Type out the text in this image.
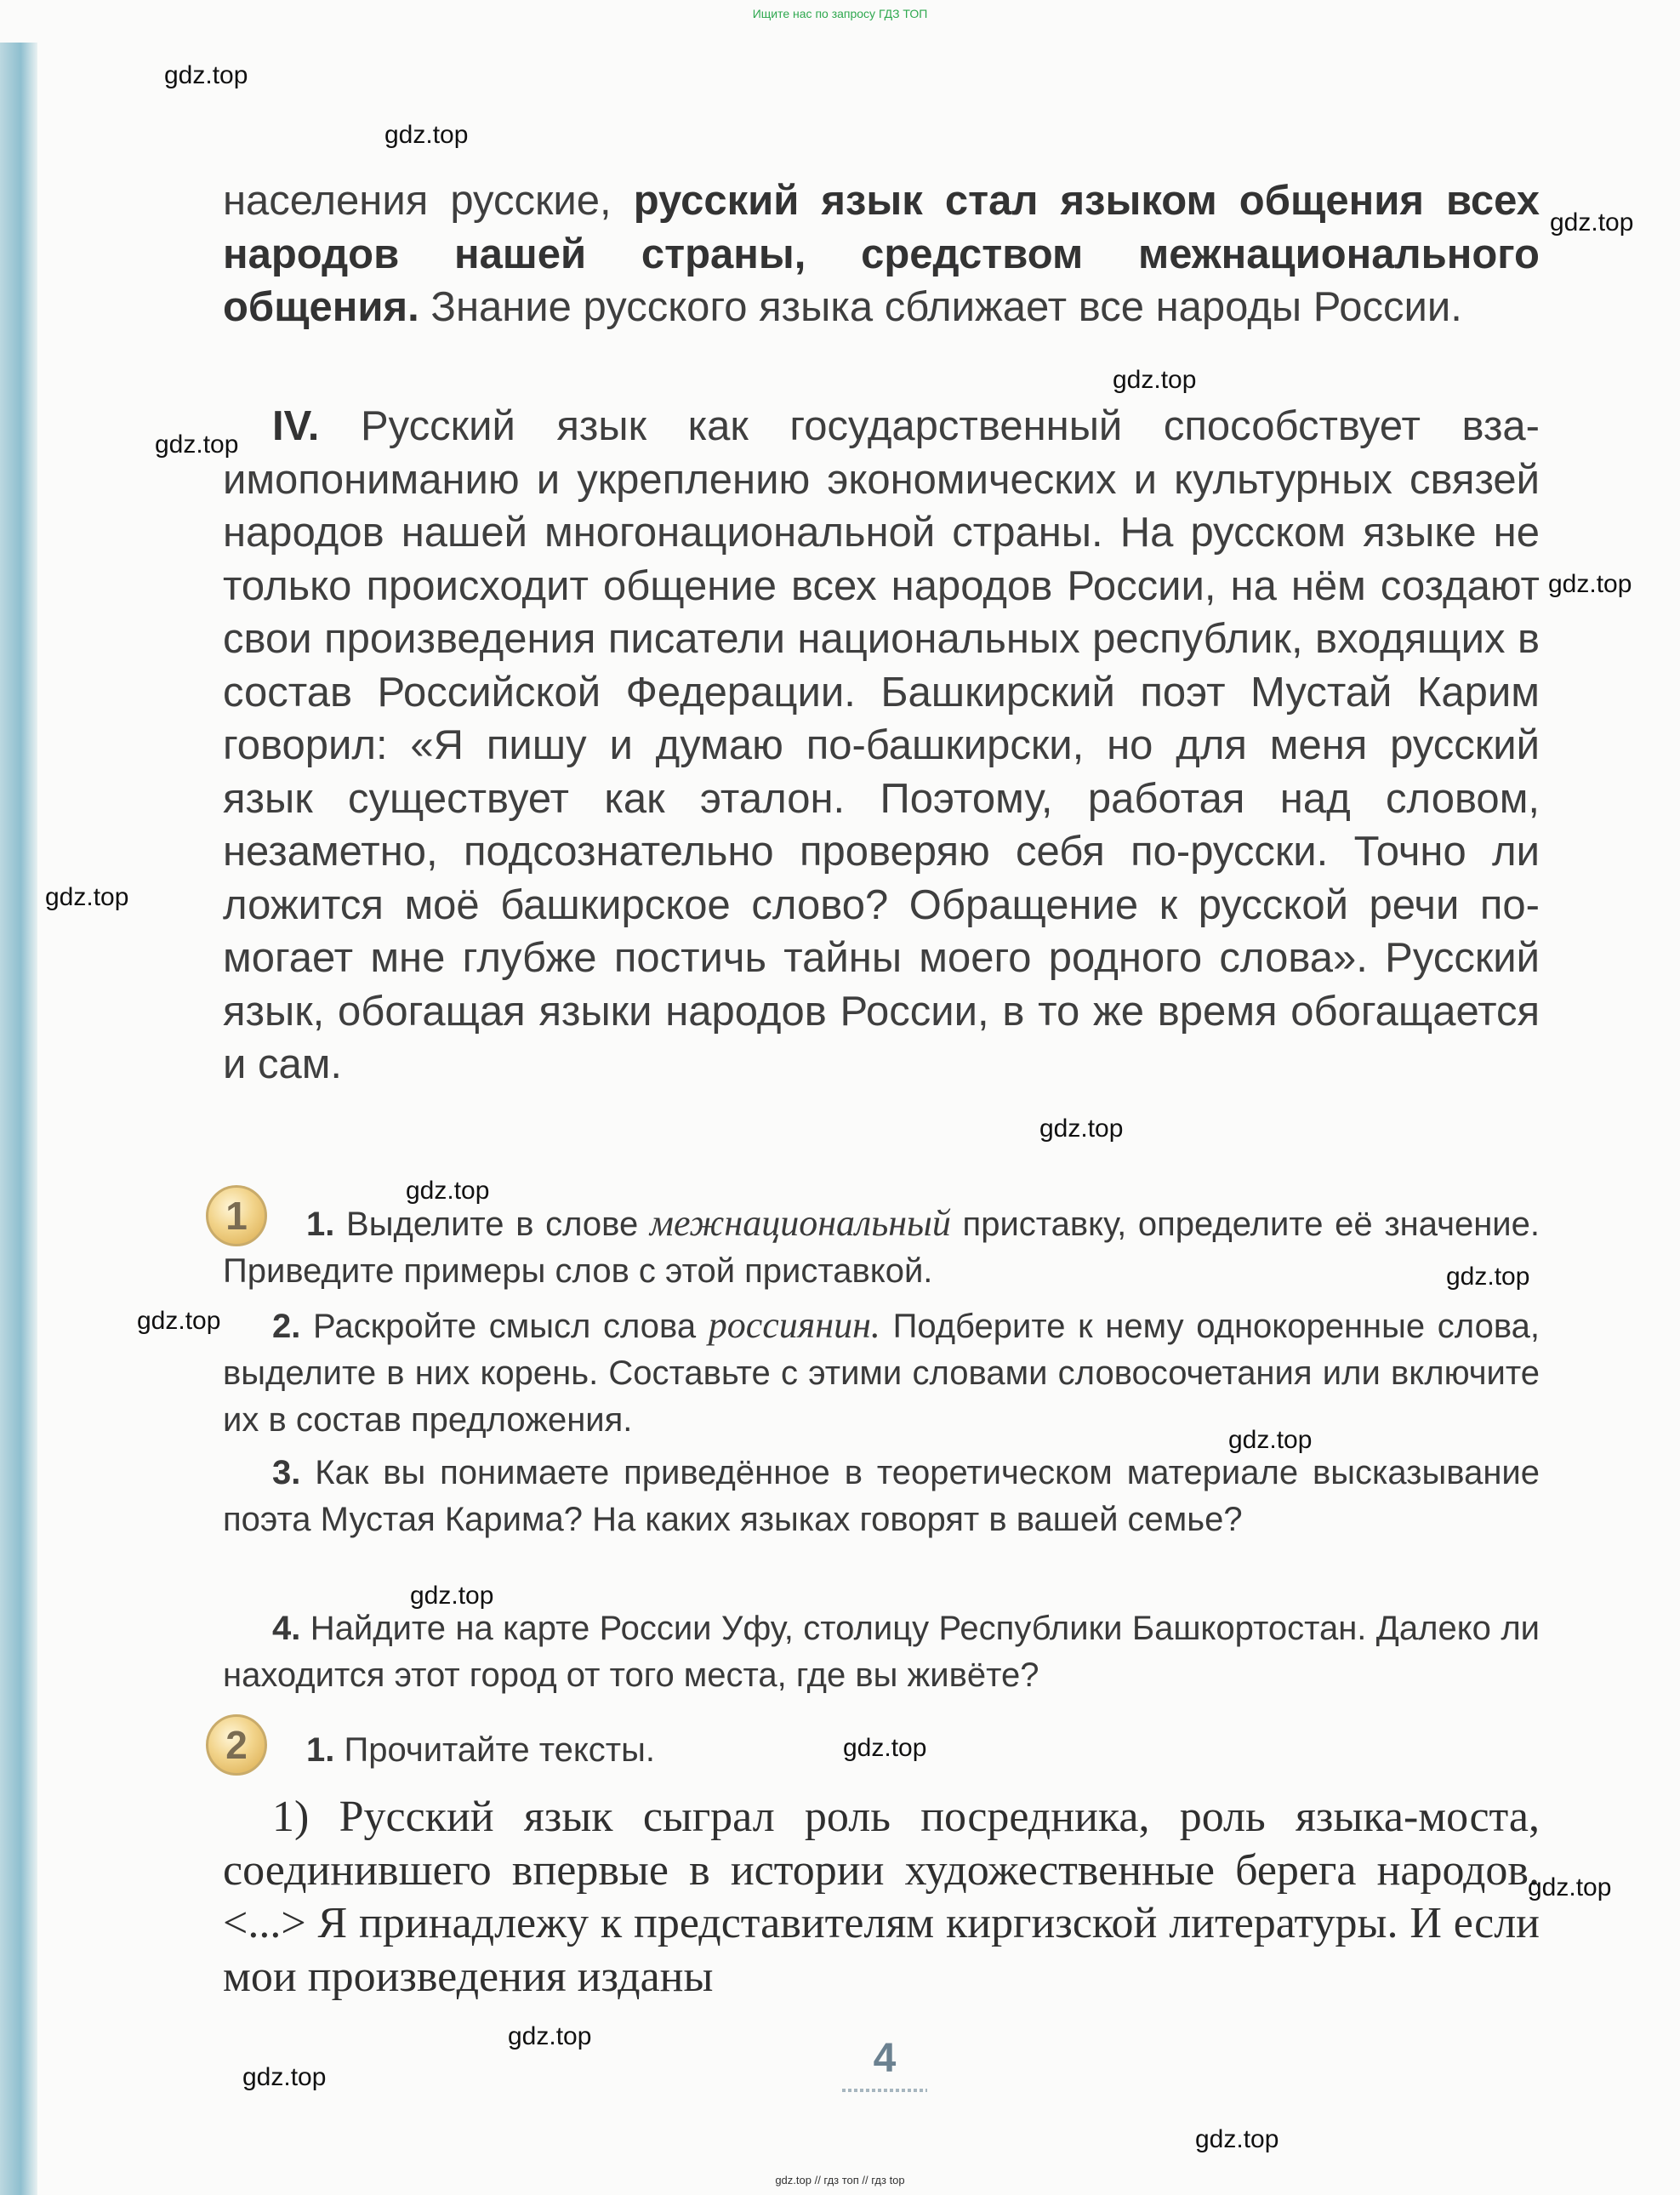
Ищите нас по запросу ГДЗ ТОП
населения русские, русский язык стал языком общения всех народов нашей страны, средством межнационального общения. Знание русского языка сближает все народы России.
IV. Русский язык как государственный способствует взаимопониманию и укреплению экономических и культурных связей народов нашей многонациональной страны. На русском языке не только происходит общение всех народов России, на нём создают свои произведения писатели национальных республик, входящих в состав Российской Федерации. Башкирский поэт Мустай Карим говорил: «Я пишу и думаю по-башкирски, но для меня русский язык существует как эталон. Поэтому, работая над словом, незаметно, подсознательно проверяю себя по-русски. Точно ли ложится моё башкирское слово? Обращение к русской речи помогает мне глубже постичь тайны моего родного слова». Русский язык, обогащая языки народов России, в то же время обогащается и сам.
1	1. Выделите в слове межнациональный приставку, определите её значение. Приведите примеры слов с этой приставкой.
2. Раскройте смысл слова россиянин. Подберите к нему однокоренные слова, выделите в них корень. Составьте с этими словами словосочетания или включите их в состав предложения.
3. Как вы понимаете приведённое в теоретическом материале высказывание поэта Мустая Карима? На каких языках говорят в вашей семье?
4. Найдите на карте России Уфу, столицу Республики Башкортостан. Далеко ли находится этот город от того места, где вы живёте?
2	1. Прочитайте тексты.
1) Русский язык сыграл роль посредника, роль языка-моста, соединившего впервые в истории художественные берега народов. <...> Я принадлежу к представителям киргизской литературы. И если мои произведения изданы
4
gdz.top
gdz.top
gdz.top
gdz.top
gdz.top
gdz.top
gdz.top
gdz.top
gdz.top
gdz.top
gdz.top
gdz.top
gdz.top
gdz.top
gdz.top
gdz.top
gdz.top
gdz.top
gdz.top // гдз топ // гдз top
